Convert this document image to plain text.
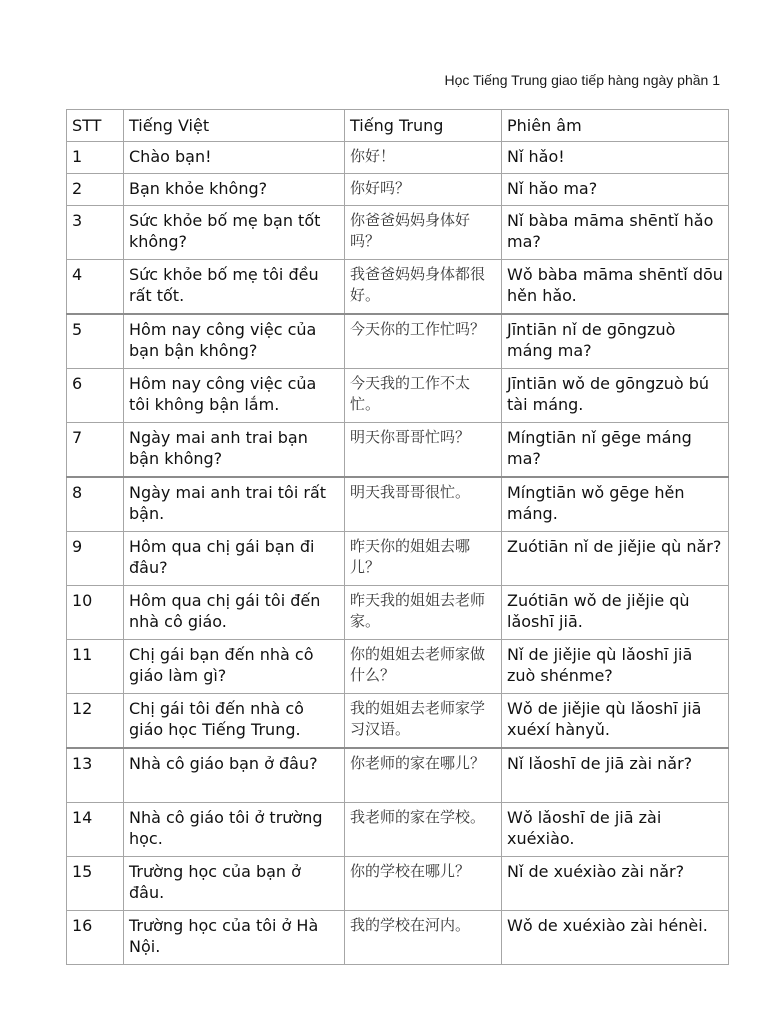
Học Tiếng Trung giao tiếp hàng ngày phần 1
STT	Tiếng Việt	Tiếng Trung	Phiên âm
1	Chào bạn!	你好！	Nǐ hǎo!
2	Bạn khỏe không?	你好吗？	Nǐ hǎo ma?
3	Sức khỏe bố mẹ bạn tốt không?	你爸爸妈妈身体好吗？	Nǐ bàba māma shēntǐ hǎo ma?
4	Sức khỏe bố mẹ tôi đều rất tốt.	我爸爸妈妈身体都很好。	Wǒ bàba māma shēntǐ dōu hěn hǎo.
5	Hôm nay công việc của bạn bận không?	今天你的工作忙吗？	Jīntiān nǐ de gōngzuò máng ma?
6	Hôm nay công việc của tôi không bận lắm.	今天我的工作不太忙。	Jīntiān wǒ de gōngzuò bú tài máng.
7	Ngày mai anh trai bạn bận không?	明天你哥哥忙吗？	Míngtiān nǐ gēge máng ma?
8	Ngày mai anh trai tôi rất bận.	明天我哥哥很忙。	Míngtiān wǒ gēge hěn máng.
9	Hôm qua chị gái bạn đi đâu?	昨天你的姐姐去哪儿？	Zuótiān nǐ de jiějie qù nǎr?
10	Hôm qua chị gái tôi đến nhà cô giáo.	昨天我的姐姐去老师家。	Zuótiān wǒ de jiějie qù lǎoshī jiā.
11	Chị gái bạn đến nhà cô giáo làm gì?	你的姐姐去老师家做什么？	Nǐ de jiějie qù lǎoshī jiā zuò shénme?
12	Chị gái tôi đến nhà cô giáo học Tiếng Trung.	我的姐姐去老师家学习汉语。	Wǒ de jiějie qù lǎoshī jiā xuéxí hànyǔ.
13	Nhà cô giáo bạn ở đâu?	你老师的家在哪儿？	Nǐ lǎoshī de jiā zài nǎr?
14	Nhà cô giáo tôi ở trường học.	我老师的家在学校。	Wǒ lǎoshī de jiā zài xuéxiào.
15	Trường học của bạn ở đâu.	你的学校在哪儿？	Nǐ de xuéxiào zài nǎr?
16	Trường học của tôi ở Hà Nội.	我的学校在河内。	Wǒ de xuéxiào zài hénèi.
